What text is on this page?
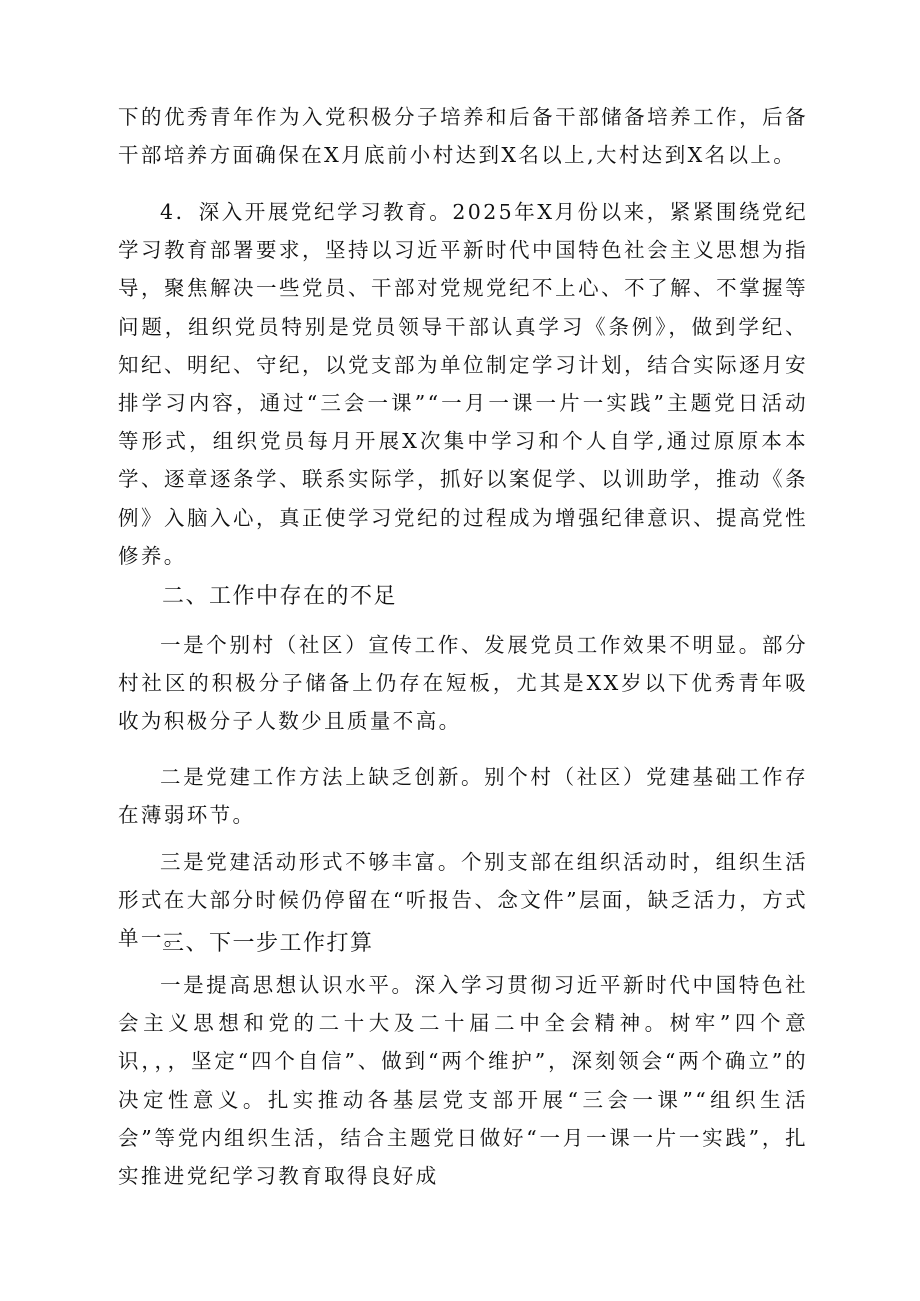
下的优秀青年作为入党积极分子培养和后备干部储备培养工作，后备干部培养方面确保在X月底前小村达到X名以上,大村达到X名以上。

4．深入开展党纪学习教育。2025年X月份以来，紧紧围绕党纪学习教育部署要求，坚持以习近平新时代中国特色社会主义思想为指导，聚焦解决一些党员、干部对党规党纪不上心、不了解、不掌握等问题，组织党员特别是党员领导干部认真学习《条例》，做到学纪、知纪、明纪、守纪，以党支部为单位制定学习计划，结合实际逐月安排学习内容，通过“三会一课”“一月一课一片一实践”主题党日活动等形式，组织党员每月开展X次集中学习和个人自学,通过原原本本学、逐章逐条学、联系实际学，抓好以案促学、以训助学，推动《条例》入脑入心，真正使学习党纪的过程成为增强纪律意识、提高党性修养。

二、工作中存在的不足

一是个别村（社区）宣传工作、发展党员工作效果不明显。部分村社区的积极分子储备上仍存在短板，尤其是XX岁以下优秀青年吸收为积极分子人数少且质量不高。

二是党建工作方法上缺乏创新。别个村（社区）党建基础工作存在薄弱环节。

三是党建活动形式不够丰富。个别支部在组织活动时，组织生活形式在大部分时候仍停留在“听报告、念文件”层面，缺乏活力，方式单一。

三、下一步工作打算

一是提高思想认识水平。深入学习贯彻习近平新时代中国特色社会主义思想和党的二十大及二十届二中全会精神。树牢”四个意识，，，坚定“四个自信”、做到“两个维护”，深刻领会“两个确立”的决定性意义。扎实推动各基层党支部开展“三会一课”“组织生活会”等党内组织生活，结合主题党日做好“一月一课一片一实践”，扎实推进党纪学习教育取得良好成
